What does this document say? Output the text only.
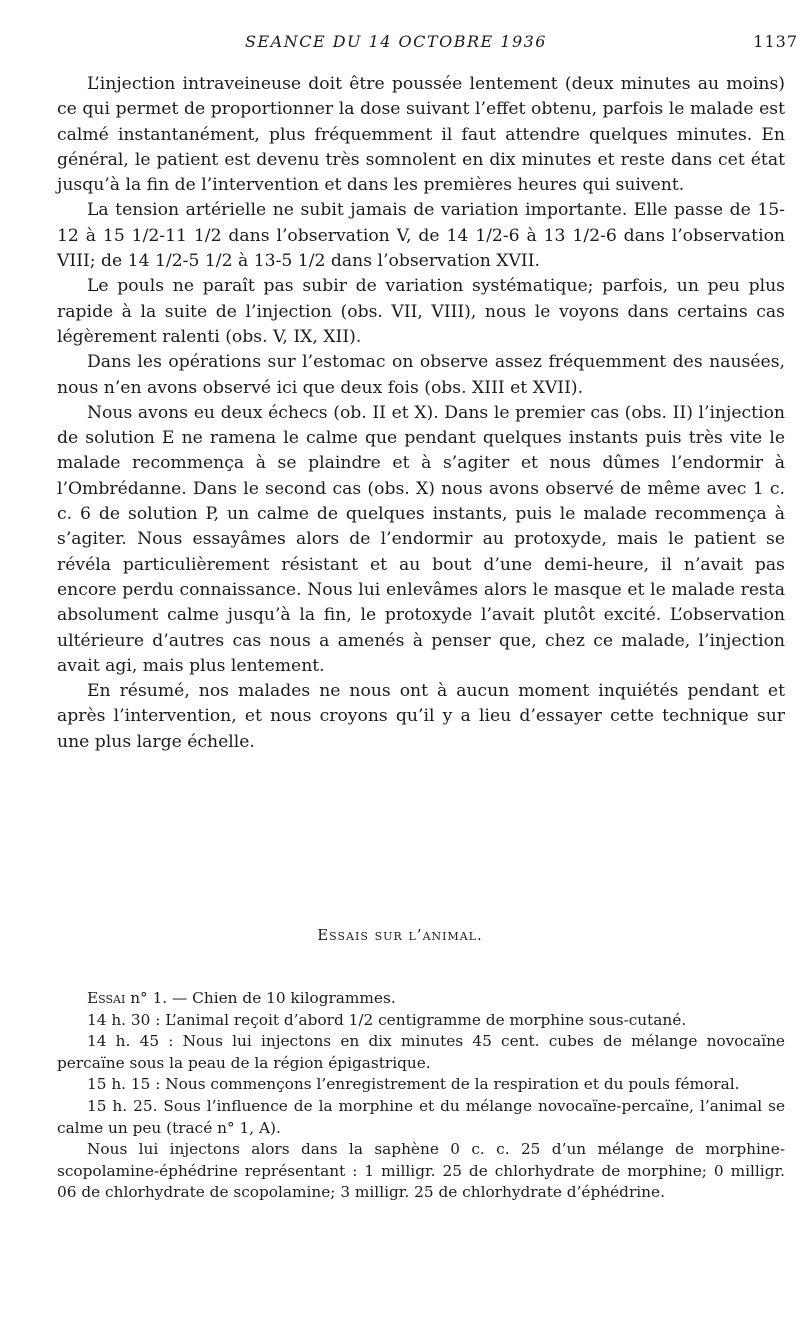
SEANCE DU 14 OCTOBRE 1936	1137

L’injection intraveineuse doit être poussée lentement (deux minutes au moins) ce qui permet de proportionner la dose suivant l’effet obtenu, parfois le malade est calmé instantanément, plus fréquemment il faut attendre quelques minutes. En général, le patient est devenu très somnolent en dix minutes et reste dans cet état jusqu’à la fin de l’intervention et dans les premières heures qui suivent.

La tension artérielle ne subit jamais de variation importante. Elle passe de 15-12 à 15 1/2-11 1/2 dans l’observation V, de 14 1/2-6 à 13 1/2-6 dans l’observation VIII; de 14 1/2-5 1/2 à 13-5 1/2 dans l’observation XVII.

Le pouls ne paraît pas subir de variation systématique; parfois, un peu plus rapide à la suite de l’injection (obs. VII, VIII), nous le voyons dans certains cas légèrement ralenti (obs. V, IX, XII).

Dans les opérations sur l’estomac on observe assez fréquemment des nausées, nous n’en avons observé ici que deux fois (obs. XIII et XVII).

Nous avons eu deux échecs (ob. II et X). Dans le premier cas (obs. II) l’injection de solution E ne ramena le calme que pendant quelques instants puis très vite le malade recommença à se plaindre et à s’agiter et nous dûmes l’endormir à l’Ombrédanne. Dans le second cas (obs. X) nous avons observé de même avec 1 c. c. 6 de solution P, un calme de quelques instants, puis le malade recommença à s’agiter. Nous essayâmes alors de l’endormir au protoxyde, mais le patient se révéla particulièrement résistant et au bout d’une demi-heure, il n’avait pas encore perdu connaissance. Nous lui enlevâmes alors le masque et le malade resta absolument calme jusqu’à la fin, le protoxyde l’avait plutôt excité. L’observation ultérieure d’autres cas nous a amenés à penser que, chez ce malade, l’injection avait agi, mais plus lentement.

En résumé, nos malades ne nous ont à aucun moment inquiétés pendant et après l’intervention, et nous croyons qu’il y a lieu d’essayer cette technique sur une plus large échelle.

Essais sur l’animal.

Essai n° 1. — Chien de 10 kilogrammes.

14 h. 30 : L’animal reçoit d’abord 1/2 centigramme de morphine sous-cutané.

14 h. 45 : Nous lui injectons en dix minutes 45 cent. cubes de mélange novocaïne percaïne sous la peau de la région épigastrique.

15 h. 15 : Nous commençons l’enregistrement de la respiration et du pouls fémoral.

15 h. 25. Sous l’influence de la morphine et du mélange novocaïne-percaïne, l’animal se calme un peu (tracé n° 1, A).

Nous lui injectons alors dans la saphène 0 c. c. 25 d’un mélange de morphine-scopolamine-éphédrine représentant : 1 milligr. 25 de chlorhydrate de morphine; 0 milligr. 06 de chlorhydrate de scopolamine; 3 milligr. 25 de chlorhydrate d’éphédrine.
